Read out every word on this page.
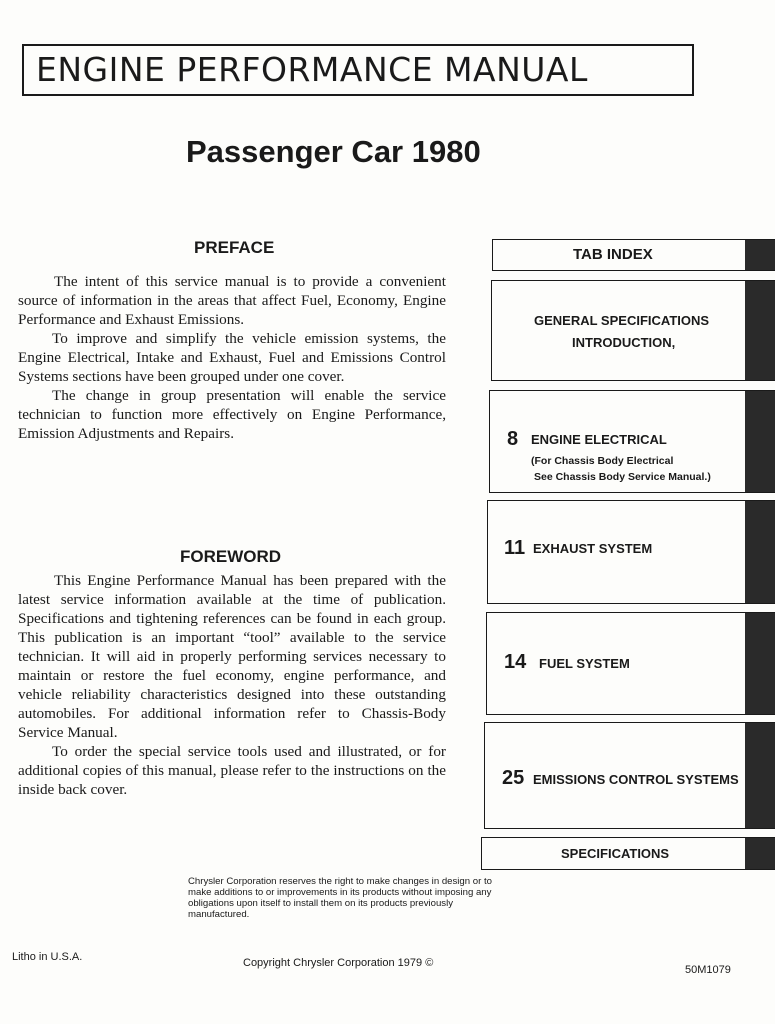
ENGINE PERFORMANCE MANUAL
Passenger Car 1980
PREFACE

The intent of this service manual is to provide a convenient source of information in the areas that affect Fuel, Economy, Engine Performance and Exhaust Emissions.

To improve and simplify the vehicle emission systems, the Engine Electrical, Intake and Exhaust, Fuel and Emissions Control Systems sections have been grouped under one cover.

The change in group presentation will enable the service technician to function more effectively on Engine Performance, Emission Adjustments and Repairs.

FOREWORD

This Engine Performance Manual has been prepared with the latest service information available at the time of publication. Specifications and tightening references can be found in each group. This publication is an important “tool” available to the service technician. It will aid in properly performing services necessary to maintain or restore the fuel economy, engine performance, and vehicle reliability characteristics designed into these outstanding automobiles. For additional information refer to Chassis-Body Service Manual.

To order the special service tools used and illustrated, or for additional copies of this manual, please refer to the instructions on the inside back cover.

TAB INDEX
GENERAL SPECIFICATIONS
INTRODUCTION,
8 ENGINE ELECTRICAL
(For Chassis Body Electrical
See Chassis Body Service Manual.)
11 EXHAUST SYSTEM
14 FUEL SYSTEM
25 EMISSIONS CONTROL SYSTEMS
SPECIFICATIONS
Chrysler Corporation reserves the right to make changes in design or to make additions to or improvements in its products without imposing any obligations upon itself to install them on its products previously manufactured.
Litho in U.S.A.	Copyright Chrysler Corporation 1979 ©
50M1079
